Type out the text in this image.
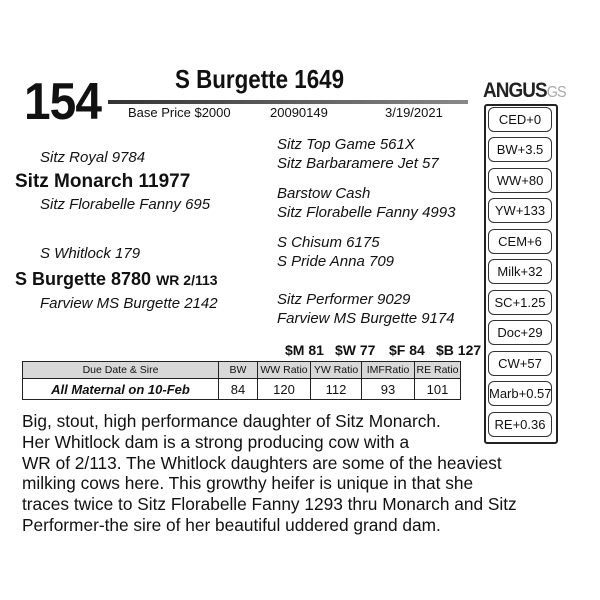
154	S Burgette 1649
Base Price $2000	20090149	3/19/2021
ANGUSGS
CED+0
BW+3.5
WW+80
YW+133
CEM+6
Milk+32
SC+1.25
Doc+29
CW+57
Marb+0.57
RE+0.36
Sitz Royal 9784
Sitz Monarch 11977
Sitz Florabelle Fanny 695
S Whitlock 179
S Burgette 8780 WR 2/113
Farview MS Burgette 2142
Sitz Top Game 561X
Sitz Barbaramere Jet 57
Barstow Cash
Sitz Florabelle Fanny 4993
S Chisum 6175
S Pride Anna 709
Sitz Performer 9029
Farview MS Burgette 9174
$M 81 $W 77 $F 84 $B 127
Due Date & Sire	BW	WW Ratio	YW Ratio	IMFRatio	RE Ratio
All Maternal on 10-Feb	84	120	112	93	101

Big, stout, high performance daughter of Sitz Monarch.

Her Whitlock dam is a strong producing cow with a

WR of 2/113. The Whitlock daughters are some of the heaviest

milking cows here. This growthy heifer is unique in that she

traces twice to Sitz Florabelle Fanny 1293 thru Monarch and Sitz

Performer-the sire of her beautiful uddered grand dam.
